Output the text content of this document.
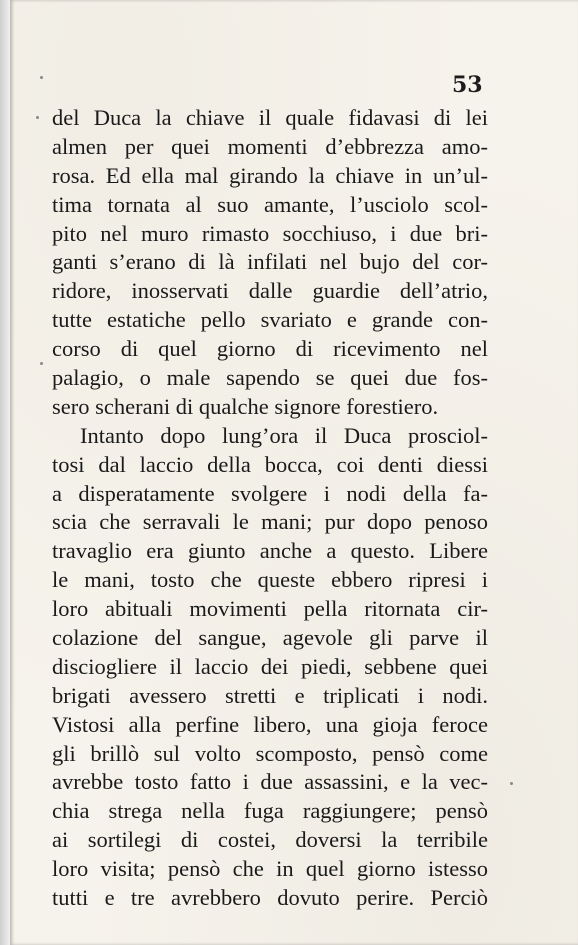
53

del Duca la chiave il quale fidavasi di lei
almen per quei momenti d’ebbrezza amo-
rosa. Ed ella mal girando la chiave in un’ul-
tima tornata al suo amante, l’usciolo scol-
pito nel muro rimasto socchiuso, i due bri-
ganti s’erano di là infilati nel bujo del cor-
ridore, inosservati dalle guardie dell’atrio,
tutte estatiche pello svariato e grande con-
corso di quel giorno di ricevimento nel
palagio, o male sapendo se quei due fos-
sero scherani di qualche signore forestiero.
Intanto dopo lung’ora il Duca prosciol-
tosi dal laccio della bocca, coi denti diessi
a disperatamente svolgere i nodi della fa-
scia che serravali le mani; pur dopo penoso
travaglio era giunto anche a questo. Libere
le mani, tosto che queste ebbero ripresi i
loro abituali movimenti pella ritornata cir-
colazione del sangue, agevole gli parve il
disciogliere il laccio dei piedi, sebbene quei
brigati avessero stretti e triplicati i nodi.
Vistosi alla perfine libero, una gioja feroce
gli brillò sul volto scomposto, pensò come
avrebbe tosto fatto i due assassini, e la vec-
chia strega nella fuga raggiungere; pensò
ai sortilegi di costei, doversi la terribile
loro visita; pensò che in quel giorno istesso
tutti e tre avrebbero dovuto perire. Perciò
